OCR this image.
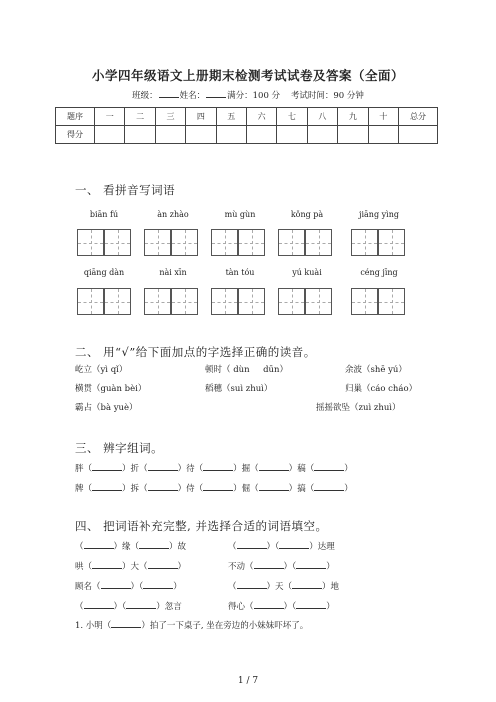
小学四年级语文上册期末检测考试试卷及答案（全面）
班级：	姓名：	满分：100 分 考试时间：90 分钟
题序	一	二	三	四	五	六	七	八	九	十	总分
得分											
一、 看拼音写词语
biān fú	àn zhào	mù gùn	kǒng pà	jiāng yìng
qiāng dàn	nài xīn	tàn tóu	yú kuài	céng jīng
二、 用“√”给下面加点的字选择正确的读音。
屹立（yì qǐ）	顿时（ dùn dūn）	余波（shē yú）
横贯（guàn bèi）	稻穗（suì zhuì）	归巢（cáo cháo）
霸占（bà yuè）	摇摇欲坠（zuì zhuì）
三、 辨字组词。
胖（	）折（	）待（	）掘（	）稿（	）
牌（	）拆（	）侍（	）倔（	）搞（	）
四、 把词语补充完整, 并选择合适的词语填空。
（	）缘（	）故	（	）（	）达理
哄（	）大（	）	不动（	）（	）
顾名（	）（	）	（	）天（	）地
（	）（	）忽言	得心（	）（	）
1. 小明（	）拍了一下桌子, 坐在旁边的小妹妹吓坏了。
1 / 7
